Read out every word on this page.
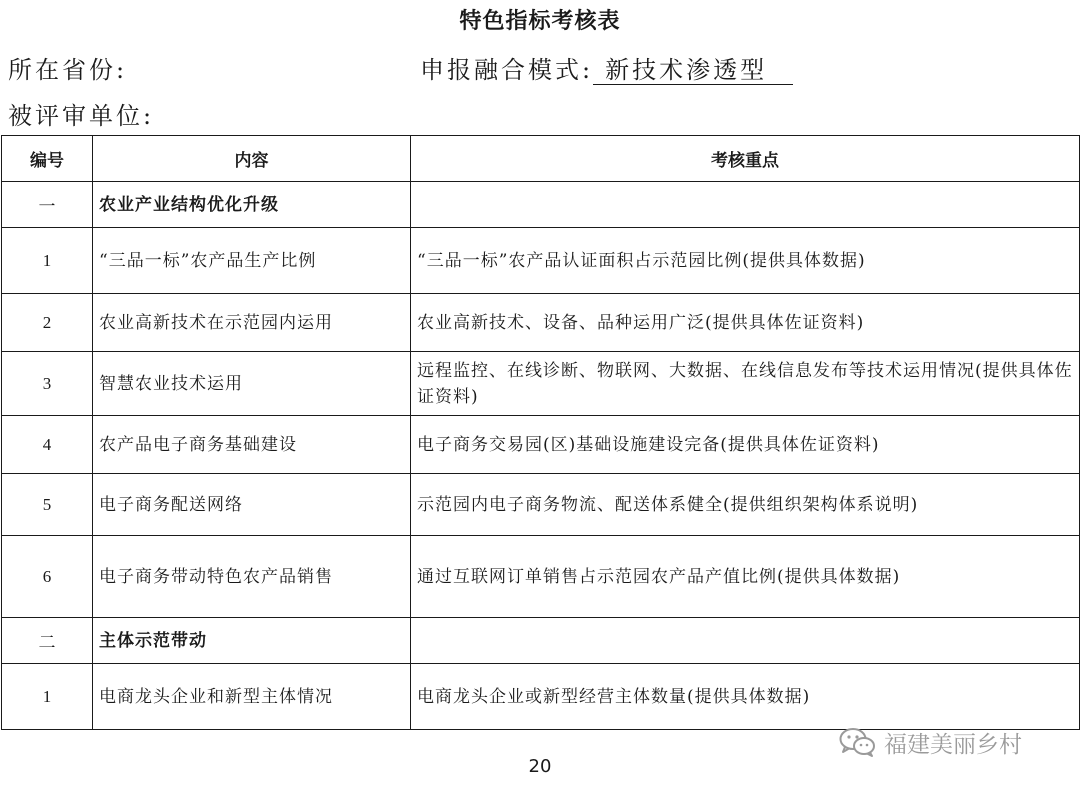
特色指标考核表
所在省份:	申报融合模式: 新技术渗透型
被评审单位:
编号	内容	考核重点
一	农业产业结构优化升级	
1	“三品一标”农产品生产比例	“三品一标”农产品认证面积占示范园比例(提供具体数据)
2	农业高新技术在示范园内运用	农业高新技术、设备、品种运用广泛(提供具体佐证资料)
3	智慧农业技术运用	远程监控、在线诊断、物联网、大数据、在线信息发布等技术运用情况(提供具体佐证资料)
4	农产品电子商务基础建设	电子商务交易园(区)基础设施建设完备(提供具体佐证资料)
5	电子商务配送网络	示范园内电子商务物流、配送体系健全(提供组织架构体系说明)
6	电子商务带动特色农产品销售	通过互联网订单销售占示范园农产品产值比例(提供具体数据)
二	主体示范带动	
1	电商龙头企业和新型主体情况	电商龙头企业或新型经营主体数量(提供具体数据)
20
福建美丽乡村
